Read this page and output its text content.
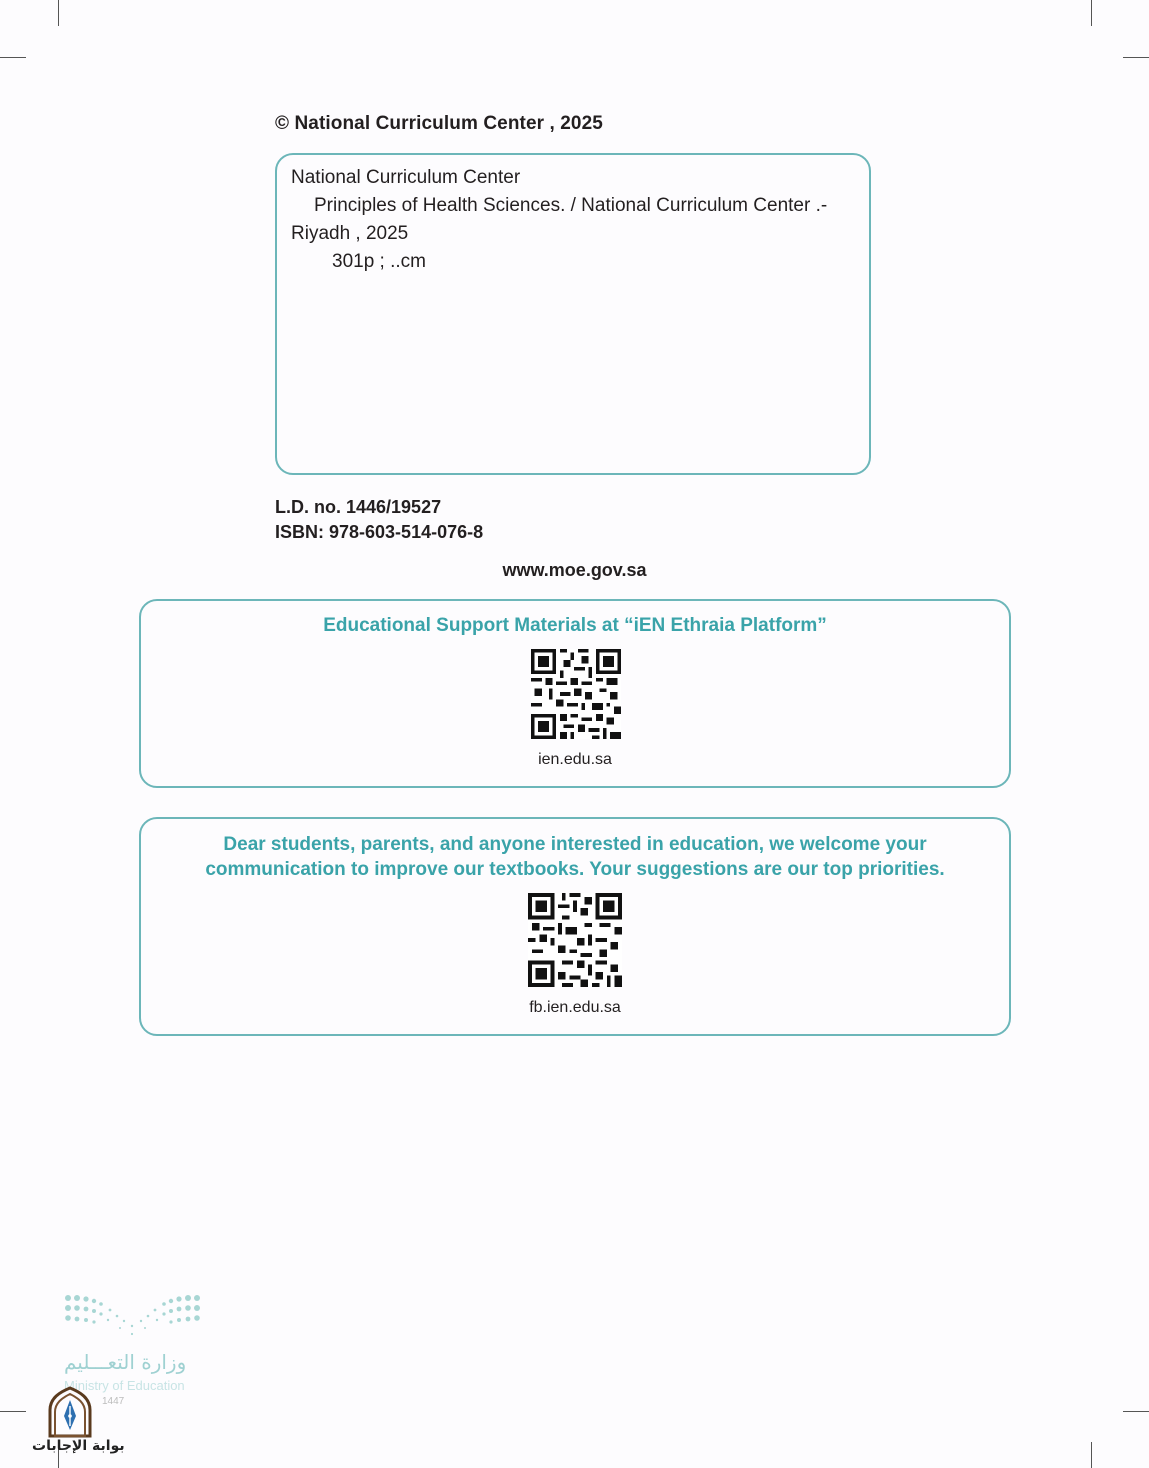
© National Curriculum Center , 2025
National Curriculum Center
Principles of Health Sciences. / National Curriculum Center .-
Riyadh , 2025
301p ; ..cm
L.D. no. 1446/19527
ISBN: 978-603-514-076-8
www.moe.gov.sa
Educational Support Materials at “iEN Ethraia Platform”
ien.edu.sa
Dear students, parents, and anyone interested in education, we welcome your
communication to improve our textbooks. Your suggestions are our top priorities.
fb.ien.edu.sa
وزارة التعـــليم
Ministry of Education
1447
بوابة الإجابات
